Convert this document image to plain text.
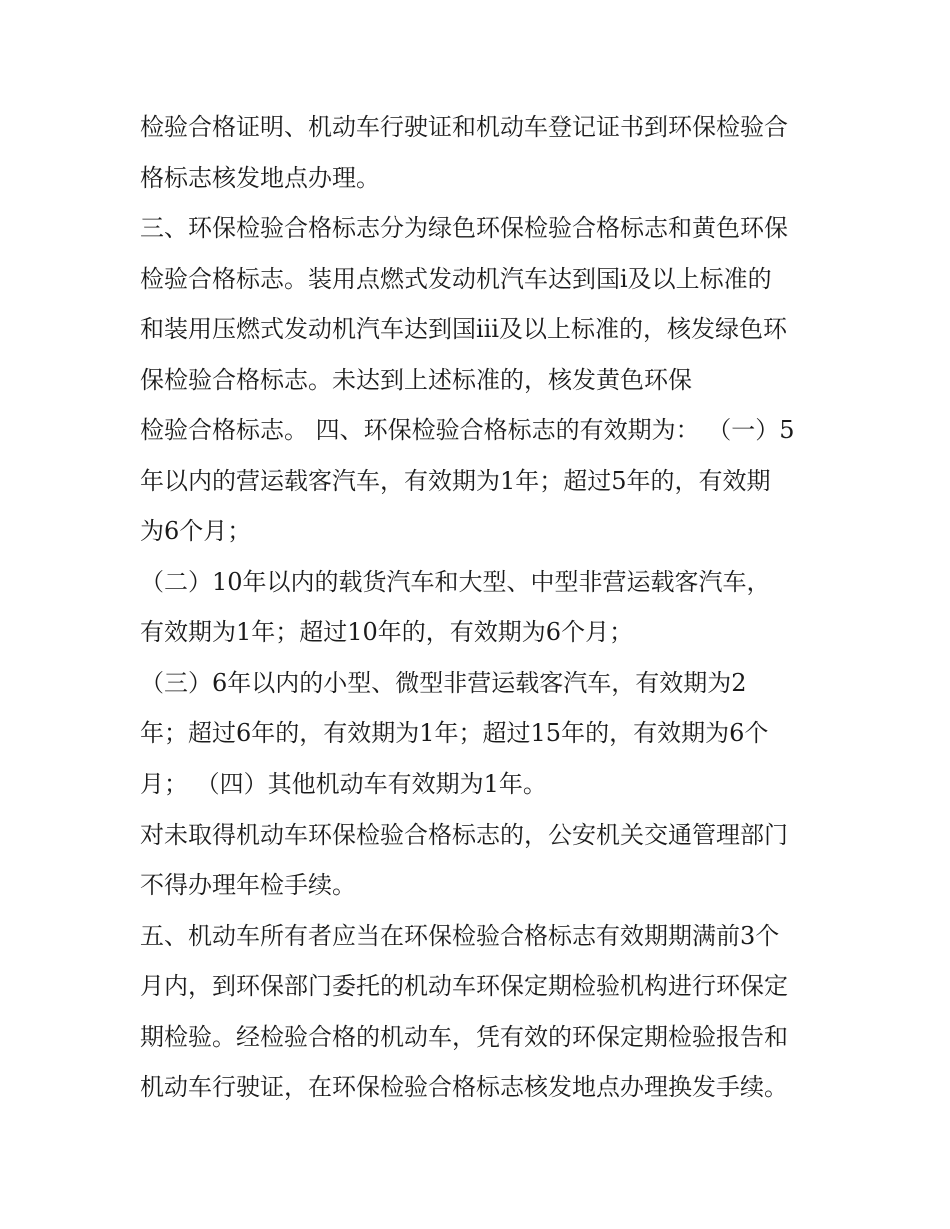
检验合格证明、机动车行驶证和机动车登记证书到环保检验合
格标志核发地点办理。
三、环保检验合格标志分为绿色环保检验合格标志和黄色环保
检验合格标志。装用点燃式发动机汽车达到国ⅰ及以上标准的
和装用压燃式发动机汽车达到国ⅲ及以上标准的，核发绿色环
保检验合格标志。未达到上述标准的，核发黄色环保
检验合格标志。 四、环保检验合格标志的有效期为： （一）5
年以内的营运载客汽车，有效期为1年；超过5年的，有效期
为6个月；
（二）10年以内的载货汽车和大型、中型非营运载客汽车，
有效期为1年；超过10年的，有效期为6个月；
（三）6年以内的小型、微型非营运载客汽车，有效期为2
年；超过6年的，有效期为1年；超过15年的，有效期为6个
月； （四）其他机动车有效期为1年。
对未取得机动车环保检验合格标志的，公安机关交通管理部门
不得办理年检手续。
五、机动车所有者应当在环保检验合格标志有效期期满前3个
月内，到环保部门委托的机动车环保定期检验机构进行环保定
期检验。经检验合格的机动车，凭有效的环保定期检验报告和
机动车行驶证，在环保检验合格标志核发地点办理换发手续。
